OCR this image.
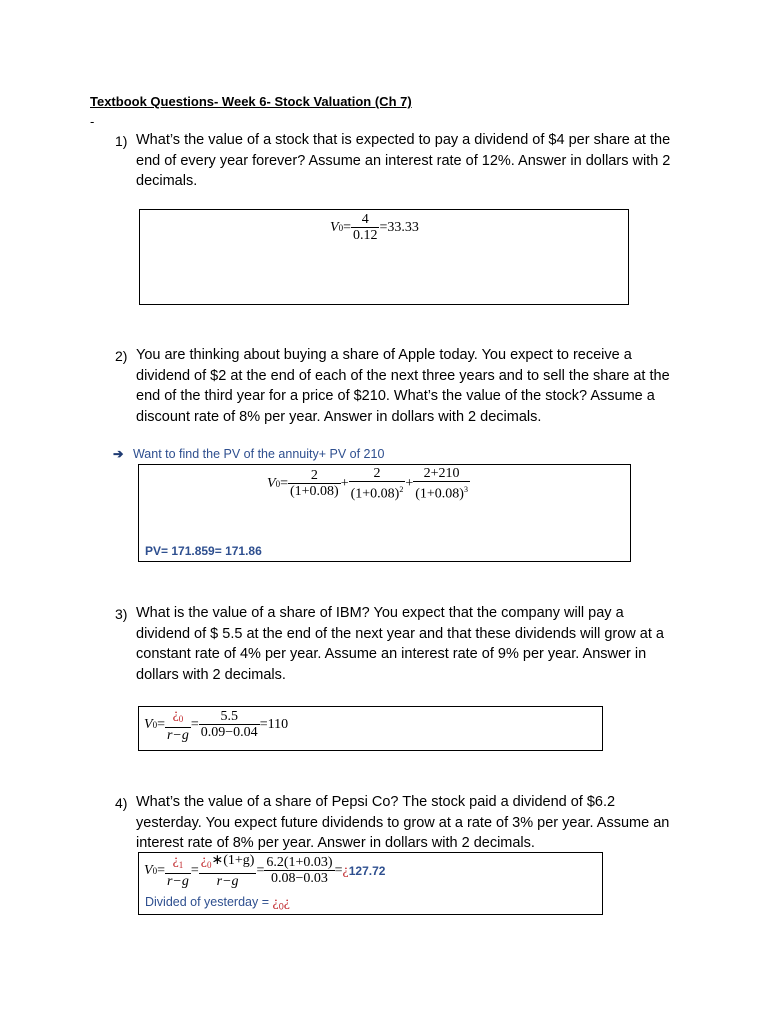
Textbook Questions- Week 6- Stock Valuation (Ch 7)
-
1) What’s the value of a stock that is expected to pay a dividend of $4 per share at the end of every year forever? Assume an interest rate of 12%. Answer in dollars with 2 decimals.
V $0 = \frac{4}{0.12} =33.33$
2) You are thinking about buying a share of Apple today. You expect to receive a dividend of $2 at the end of each of the next three years and to sell the share at the end of the third year for a price of $210. What’s the value of the stock? Assume a discount rate of 8% per year. Answer in dollars with 2 decimals.
➔ Want to find the PV of the annuity+ PV of 210
V $0 = \frac{2}{(1+0.08)} + \frac{2}{(1+0.08)^2} + \frac{2+210}{(1+0.08)^3}$
PV= 171.859= 171.86
3) What is the value of a share of IBM? You expect that the company will pay a dividend of $ 5.5 at the end of the next year and that these dividends will grow at a constant rate of 4% per year. Assume an interest rate of 9% per year. Answer in dollars with 2 decimals.
V $0 = \frac{¿_0}{r-g} = \frac{5.5}{0.09-0.04} =110$
4) What’s the value of a share of Pepsi Co? The stock paid a dividend of $6.2 yesterday. You expect future dividends to grow at a rate of 3% per year. Assume an interest rate of 8% per year. Answer in dollars with 2 decimals.
V $0 = \frac{¿_1}{r-g} = \frac{¿_0∗(1+g)}{r-g} = \frac{6.2(1+0.03)}{0.08-0.03}$ = ¿ 127.72
Divided of yesterday = ¿$_0¿$
